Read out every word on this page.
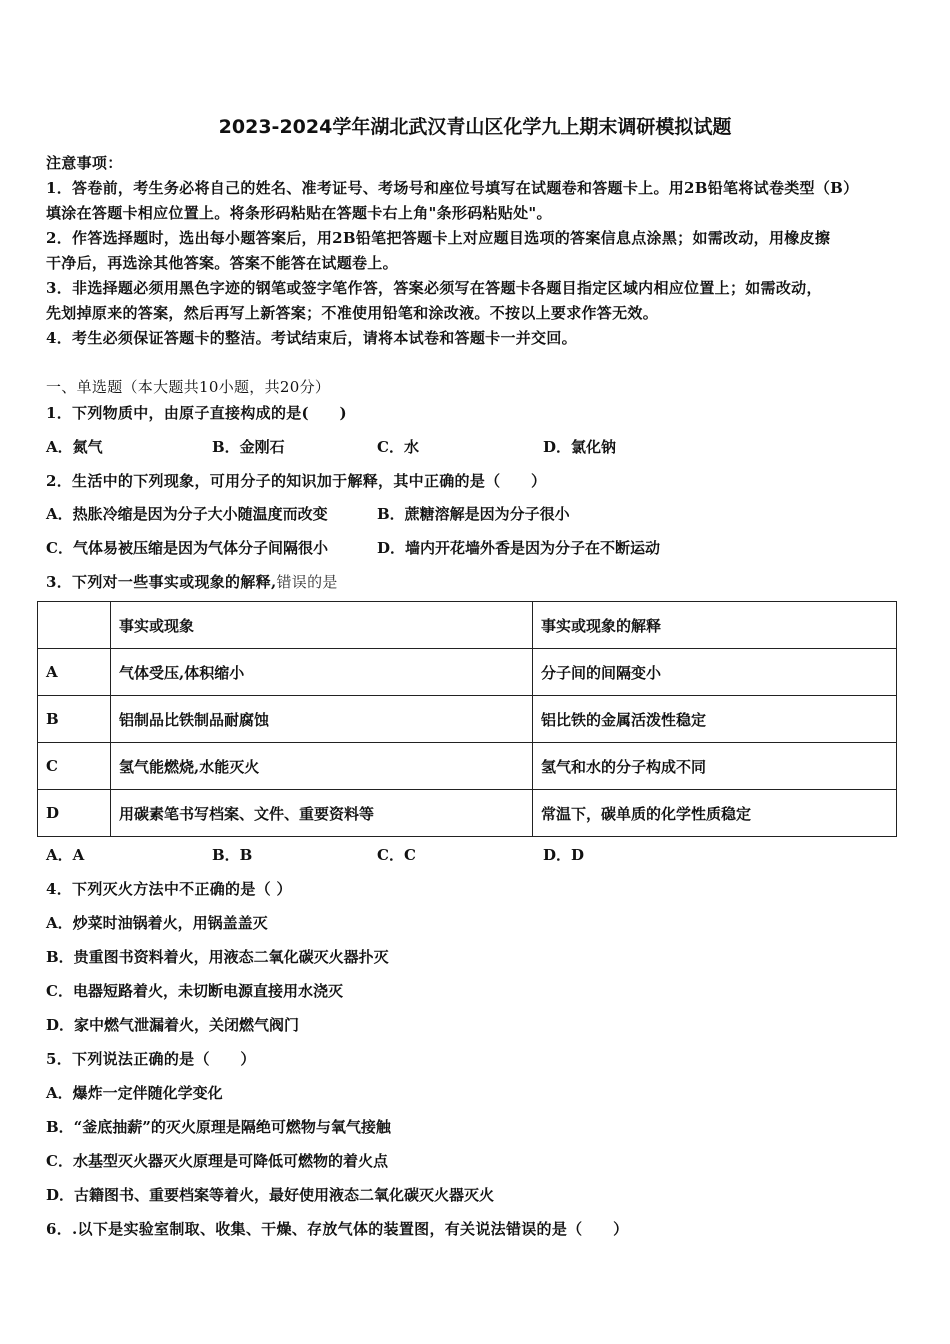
2023-2024学年湖北武汉青山区化学九上期末调研模拟试题
注意事项：
1．答卷前，考生务必将自己的姓名、准考证号、考场号和座位号填写在试题卷和答题卡上。用2B铅笔将试卷类型（B）
填涂在答题卡相应位置上。将条形码粘贴在答题卡右上角"条形码粘贴处"。
2．作答选择题时，选出每小题答案后，用2B铅笔把答题卡上对应题目选项的答案信息点涂黑；如需改动，用橡皮擦
干净后，再选涂其他答案。答案不能答在试题卷上。
3．非选择题必须用黑色字迹的钢笔或签字笔作答，答案必须写在答题卡各题目指定区域内相应位置上；如需改动，
先划掉原来的答案，然后再写上新答案；不准使用铅笔和涂改液。不按以上要求作答无效。
4．考生必须保证答题卡的整洁。考试结束后，请将本试卷和答题卡一并交回。
一、单选题（本大题共10小题，共20分）
1．下列物质中，由原子直接构成的是(　　)
A．氮气	B．金刚石	C．水	D．氯化钠
2．生活中的下列现象，可用分子的知识加于解释，其中正确的是（　　）
A．热胀冷缩是因为分子大小随温度而改变	B．蔗糖溶解是因为分子很小
C．气体易被压缩是因为气体分子间隔很小	D．墙内开花墙外香是因为分子在不断运动
3．下列对一些事实或现象的解释,错误的是
	事实或现象	事实或现象的解释
A	气体受压,体积缩小	分子间的间隔变小
B	铝制品比铁制品耐腐蚀	铝比铁的金属活泼性稳定
C	氢气能燃烧,水能灭火	氢气和水的分子构成不同
D	用碳素笔书写档案、文件、重要资料等	常温下，碳单质的化学性质稳定
A．A	B．B	C．C	D．D
4．下列灭火方法中不正确的是（ ）
A．炒菜时油锅着火，用锅盖盖灭
B．贵重图书资料着火，用液态二氧化碳灭火器扑灭
C．电器短路着火，未切断电源直接用水浇灭
D．家中燃气泄漏着火，关闭燃气阀门
5．下列说法正确的是（　　）
A．爆炸一定伴随化学变化
B．“釜底抽薪”的灭火原理是隔绝可燃物与氧气接触
C．水基型灭火器灭火原理是可降低可燃物的着火点
D．古籍图书、重要档案等着火，最好使用液态二氧化碳灭火器灭火
6．.以下是实验室制取、收集、干燥、存放气体的装置图，有关说法错误的是（　　）
